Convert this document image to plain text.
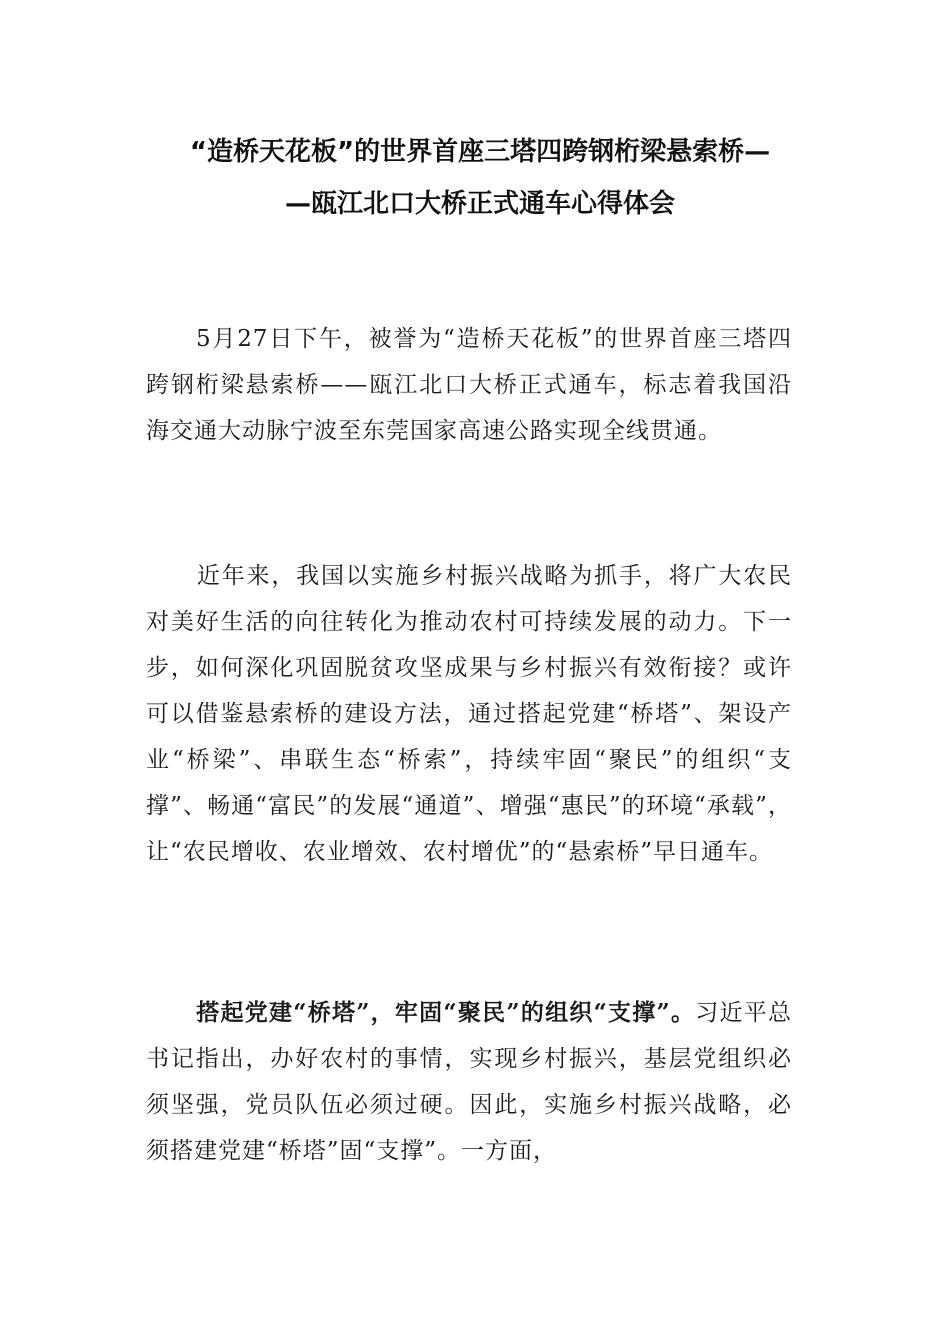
“造桥天花板”的世界首座三塔四跨钢桁梁悬索桥—
—瓯江北口大桥正式通车心得体会
5月27日下午，被誉为“造桥天花板”的世界首座三塔四跨钢桁梁悬索桥——瓯江北口大桥正式通车，标志着我国沿海交通大动脉宁波至东莞国家高速公路实现全线贯通。
近年来，我国以实施乡村振兴战略为抓手，将广大农民对美好生活的向往转化为推动农村可持续发展的动力。下一步，如何深化巩固脱贫攻坚成果与乡村振兴有效衔接？或许可以借鉴悬索桥的建设方法，通过搭起党建“桥塔”、架设产业“桥梁”、串联生态“桥索”，持续牢固“聚民”的组织“支撑”、畅通“富民”的发展“通道”、增强“惠民”的环境“承载”，让“农民增收、农业增效、农村增优”的“悬索桥”早日通车。
搭起党建“桥塔”，牢固“聚民”的组织“支撑”。习近平总书记指出，办好农村的事情，实现乡村振兴，基层党组织必须坚强，党员队伍必须过硬。因此，实施乡村振兴战略，必须搭建党建“桥塔”固“支撑”。一方面，
